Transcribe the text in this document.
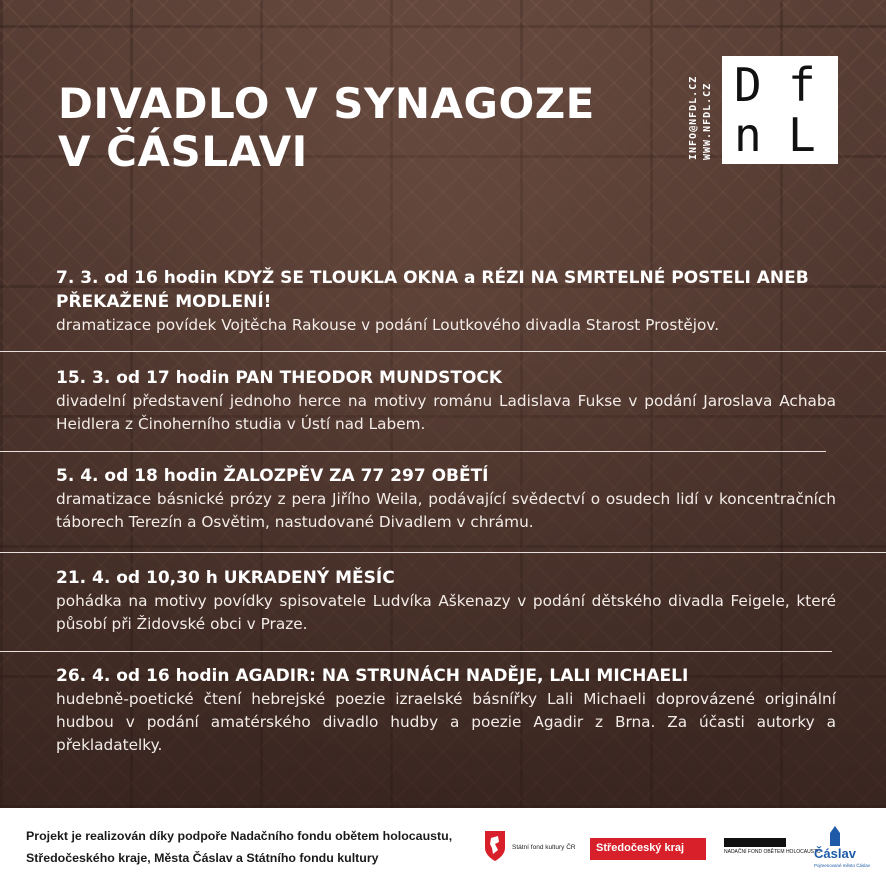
DIVADLO V SYNAGOZE
V ČÁSLAVI	INFO@NFDL.CZ WWW.NFDL.CZ D f
n L
7. 3. od 16 hodin KDYŽ SE TLOUKLA OKNA a RÉZI NA SMRTELNÉ POSTELI ANEB PŘEKAŽENÉ MODLENÍ!
dramatizace povídek Vojtěcha Rakouse v podání Loutkového divadla Starost Prostějov.
15. 3. od 17 hodin PAN THEODOR MUNDSTOCK
divadelní představení jednoho herce na motivy románu Ladislava Fukse v podání Jaroslava Achaba Heidlera z Činoherního studia v Ústí nad Labem.
5. 4. od 18 hodin ŽALOZPĚV ZA 77 297 OBĚTÍ
dramatizace básnické prózy z pera Jiřího Weila, podávající svědectví o osudech lidí v koncentračních táborech Terezín a Osvětim, nastudované Divadlem v chrámu.
21. 4. od 10,30 h UKRADENÝ MĚSÍC
pohádka na motivy povídky spisovatele Ludvíka Aškenazy v podání dětského divadla Feigele, které působí při Židovské obci v Praze.
26. 4. od 16 hodin AGADIR: NA STRUNÁCH NADĚJE, LALI MICHAELI
hudebně-poetické čtení hebrejské poezie izraelské básnířky Lali Michaeli doprovázené originální hudbou v podání amatérského divadlo hudby a poezie Agadir z Brna. Za účasti autorky a překladatelky.
Projekt je realizován díky podpoře Nadačního fondu obětem holocaustu,
Středočeského kraje, Města Čáslav a Státního fondu kultury
Státní fond kultury ČR Středočeský kraj	NADAČNÍ FOND OBĚTEM HOLOCAUSTU
Čáslav
Pojmenované město Čáslav
